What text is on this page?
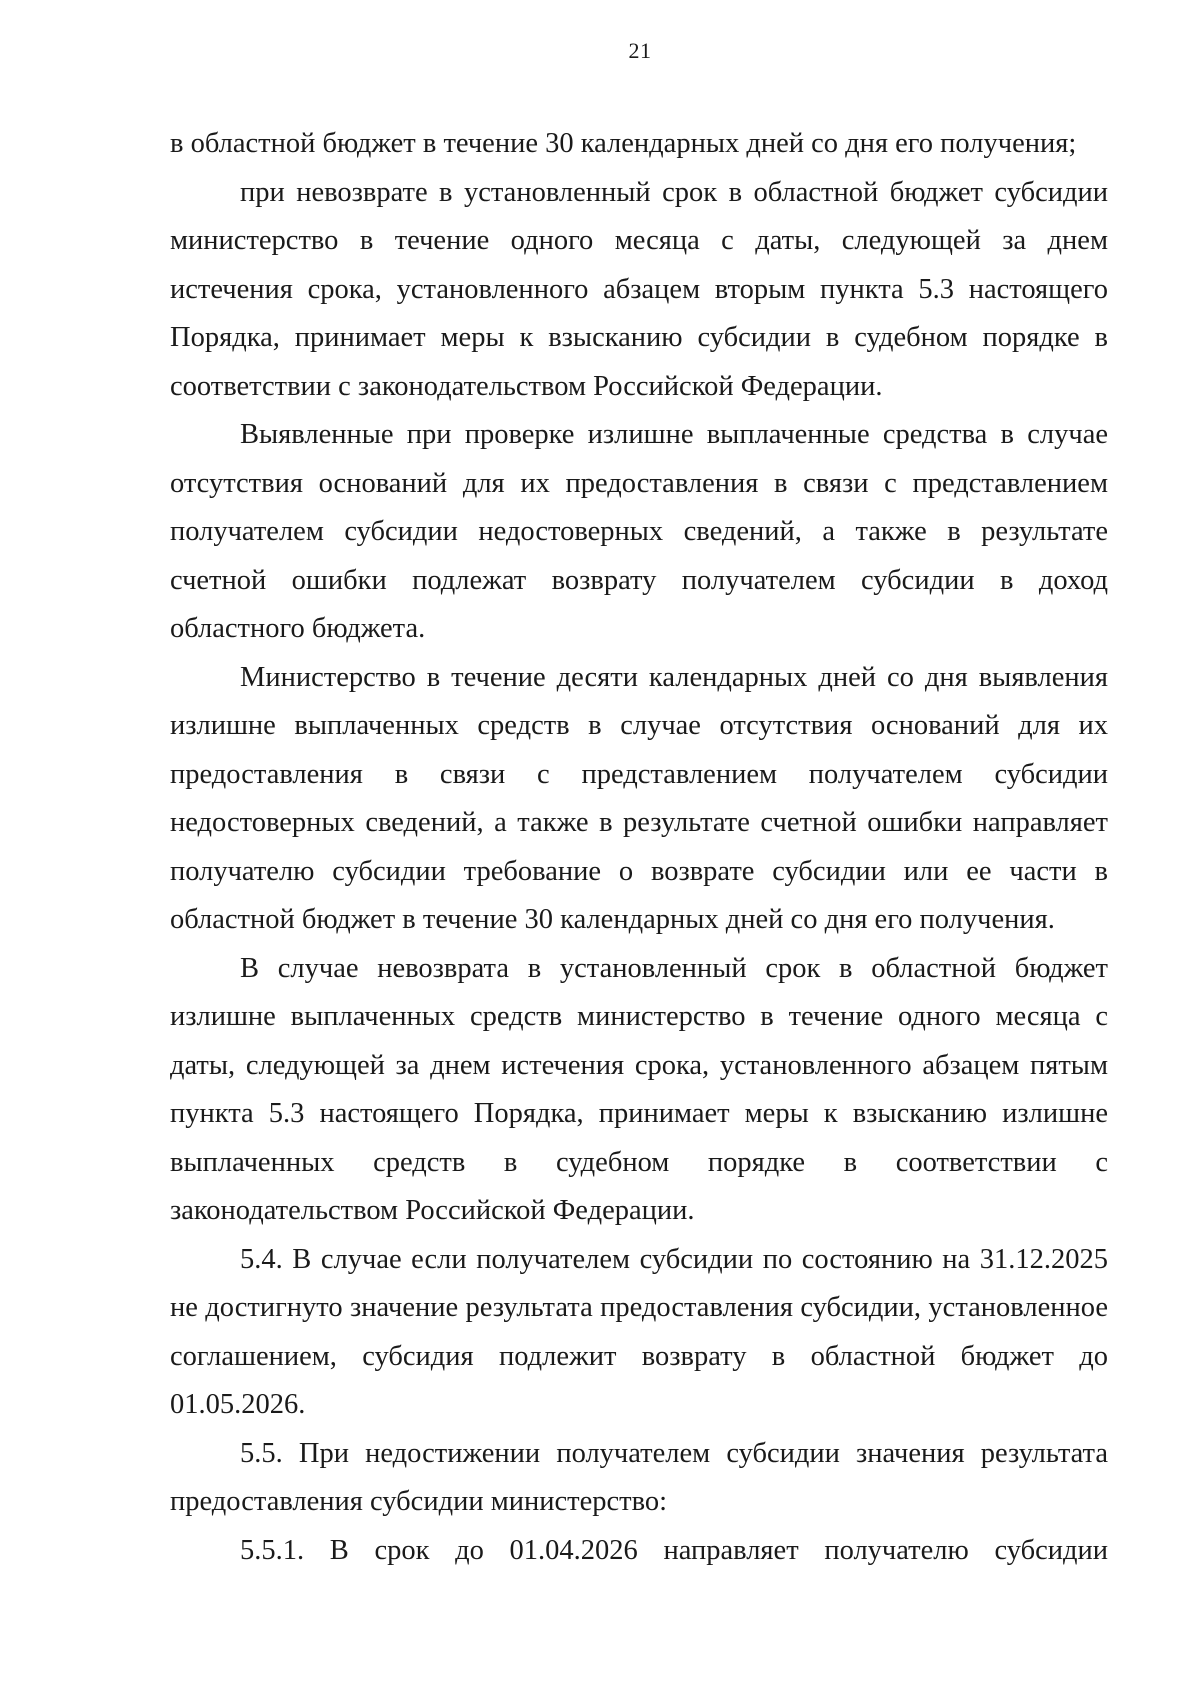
21

в областной бюджет в течение 30 календарных дней со дня его получения;

при невозврате в установленный срок в областной бюджет субсидии министерство в течение одного месяца с даты, следующей за днем истечения срока, установленного абзацем вторым пункта 5.3 настоящего Порядка, принимает меры к взысканию субсидии в судебном порядке в соответствии с законодательством Российской Федерации.

Выявленные при проверке излишне выплаченные средства в случае отсутствия оснований для их предоставления в связи с представлением получателем субсидии недостоверных сведений, а также в результате счетной ошибки подлежат возврату получателем субсидии в доход областного бюджета.

Министерство в течение десяти календарных дней со дня выявления излишне выплаченных средств в случае отсутствия оснований для их предоставления в связи с представлением получателем субсидии недостоверных сведений, а также в результате счетной ошибки направляет получателю субсидии требование о возврате субсидии или ее части в областной бюджет в течение 30 календарных дней со дня его получения.

В случае невозврата в установленный срок в областной бюджет излишне выплаченных средств министерство в течение одного месяца с даты, следующей за днем истечения срока, установленного абзацем пятым пункта 5.3 настоящего Порядка, принимает меры к взысканию излишне выплаченных средств в судебном порядке в соответствии с законодательством Российской Федерации.

5.4. В случае если получателем субсидии по состоянию на 31.12.2025 не достигнуто значение результата предоставления субсидии, установленное соглашением, субсидия подлежит возврату в областной бюджет до 01.05.2026.

5.5. При недостижении получателем субсидии значения результата предоставления субсидии министерство:

5.5.1. В срок до 01.04.2026 направляет получателю субсидии
